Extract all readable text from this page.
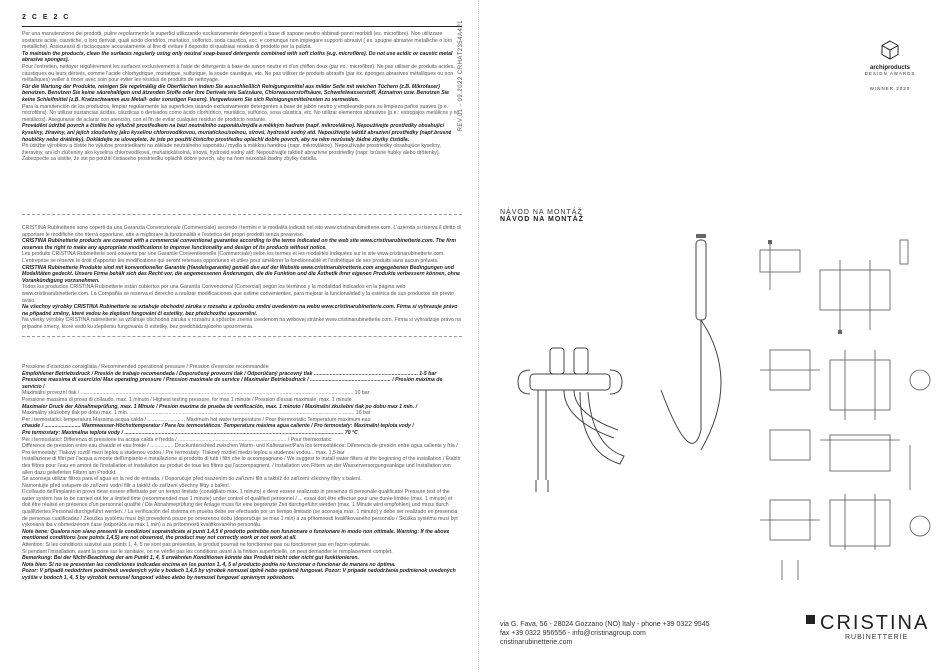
2 C E 2 C
Per una manutenzione dei prodotti, pulire regolarmente le superfici utilizzando esclusivamente detergenti a base di sapone neutro abbinati panni morbidi (es. microfibre). Non utilizzare sostanze acide, caustiche, o loro derivati, quali acido cloridrico, muriatico, solforico, soda caustica, ecc. e comunque non impiegare supporti abrasivi ( es. spugne abrasive metalliche o loro metalliche). Assicurarsi di risciacquare accuratamente al fine di evitare il deposito di qualsiasi residuo di prodotto per la pulizia.
To maintain the products, clean the surfaces regularly using only neutral soap-based detergents combined with soft cloths (e.g. microfibre). Do not use acidic or caustic metal abrasive sponges).
Pour l'entretien, nettoyer régulièrement les surfaces exclusivement à l'aide de détergents à base de savon neutre et d'un chiffon doux (par ex.: microfibre). Ne pas utiliser de produits acides, caustiques ou leurs dérivés, comme l'acide chlorhydrique, muriatique, sulfurique, la soude caustique, etc. Ne pas utiliser de produits abrasifs (par ex. éponges abrasives métalliques ou non métalliques) veiller à rincer avec soin pour éviter les résidus de produits de nettoyage.
Für die Wartung der Produkte, reinigen Sie regelmäßig die Oberflächen indem Sie ausschließlich Reinigungsmittel aus milder Seife mit weichen Tüchern (z.B. Mikrofaser) benutzen. Benutzen Sie keine säurehaltigen und ätzenden Stoffe oder ihre Derivate wie Salzsäure, Chlorwasserstoffsäure, Schwefelwasserstoff, Ätznatron usw. Benutzen Sie keine Schleifmittel (z.B. Kratzschwamm aus Metall- oder sonstigen Fasern). Vergewissern Sie sich Reinigungsmittelresten zu vermeiden.
Para la manutención de los productos, limpiar regularmente las superficies usando exclusivamente detergentes a base de jabón neutro y empleando para su limpieza paños suaves (p.e.: microfibra). No utilizar sustancias ácidas, cáusticas o derivados como ácido clorhídrico, muriático, sulfúrico, sosa cáustica, etc. No utilizar elementos abrasivos (p.e.: estropajos metálicos y no metálicos). Asegurarse de aclarar con atención, con el fin de evitar cualquier residuo de producto restante.
Provádění údržbě povrch a čistěte ho výlučně prostředkem na bází neutrálního saponátu/mýdla a měkkým hadrem (např. mikrovlákno). Nepoužívejte prostředky obsahující kyseliny, žíraviny, ani jejich sloučeniny jako kyselinu chlorovodíkovou, muriatickou/solnou, sírovú, hydroxid sodný atd. Nepoužívejte taktéž abrazivní prostředky (např.brusné houbičky nebo drátěnky). Dokládejte se uloveplete, že jste po použití čisticího prostředku opláchli dobře povrch, aby na něm nezůstaly žádné zbytky čistidla.
Pri údržbe výrobkov a čistite ho výlučne prostriedkami na základe neutrálneho saponátu / mydla a mäkkou handrou (napr. mikrovlákno). Nepoužívajte prostriedky obsahujúce kyseliny, žieraviny, ani ich zlúčeniny ako kyselina chlorovodíková, muriatická/solná, sírová, hydroxid sodný atď. Nepoužívajte taktiež abrazívne prostriedky (napr. brúsne hubky alebo drôtenky). Zabezpečte sa uistite, že ste po použití čistiaceho prostriedku opláchli dobre povrch, aby na ňom nezostali žiadny zbytky čistidla.
CRISTINA Rubinetterie sono coperti da una Garanzia Convenzionale (Commerciale) secondo i termini e le modalità indicati nel sito www.cristinarubinetterie.com. L'azienda si riserva il diritto di apportare le modifiche che riterrà opportune, atte a migliorare la funzionalità e l'estetica dei propri prodotti senza preavviso.
CRISTINA Rubinetterie products are covered with a commercial conventional guarantee according to the terms indicated on the web site www.cristinarubinetterie.com. The firm reserves the right to make any appropriate modifications to improve functionality and design of its products without notice.
Les produits CRISTINA Rubinetterie sont couverts par une Garantie Conventionnelle (Commerciale) selon les termes et les modalités indiquées sur le site www.cristinarubinetterie.com. L'entreprise se réserve le droit d'apporter les modifications qui seront retenues opportunes et utiles pour améliorer la fonctionnalité et l'esthétique de ses produits sans aucun préavis.
CRISTINA Rubinetterie Produkte sind mit konventioneller Garantie (Handelsgarantie) gemäß den auf der Website www.cristinarubinetterie.com angegebenen Bedingungen und Modalitäten gedeckt. Unsere Firma behält sich das Recht vor, die angemessenen Änderungen, die die Funktion und die Ästhetik ihrer eigenen Produkte verbessern können, ohne Vorankündigung vorzunehmen.
Todos los productos CRISTINA Rubinetterie están cubiertos por una Garantía Convencional (Comercial) según los términos y la modalidad indicados en la página web www.cristinarubinetterie.com. La Compañía se reserva el derecho a realizar modificaciones que estime convenientes, para mejorar la funcionalidad y la estética de sus productos sin previo aviso.
Na všechny výrobky CRISTINA Rubinetterie se vztahuje obchodní záruka v rozsahu a způsobu změní uvedeném na webu www.cristinarubinetterie.com. Firma si vyhrazuje právo na případné změny, které vedou ke zlepšení fungování či estetiky, bez předchozího upozornění.
Na všetky výrobky CRISTINA rubinetterie sa vzťahuje obchodná záruka v rozsahu a spôsobe znenia uvedenom na webovej stránke www.cristinarubinetterie.com. Firma si vyhradzuje právo na prípadné zmeny, ktoré vedú ku zlepšeniu fungovania či estetiky, bez predchádzajúceho upozornenia.
Pressione d'esercizio consigliata / Recommended operational pressure / Pression d'exercice recommandée
Empfohlener Betriebsdruck / Presión de trabajo recomendada / Doporučený provozní tlak / Odporúčaný pracovný tlak ........................................................................ 1-5 bar
Pressione massima di esercizio/ Max operating pressure / Pression maximale de service / Maximaler Betriebsdruck / ........................................................ / Presión máxima de servicio /
Maximální provozní tlak / ............................................................................................................................................................................................. 10 bar
Pressione massima di prova di collaudo, max. 1 minuto / Highest testing pressure, for max 1 minute / Pression d'essai maximale, max. 1 minute
Maximaler Druck der Abnahmeprüfung, max. 1 Minute / Presión maxima de prueba de verificación, max. 1 minuto / Maximální zkušební tlak po dobu max 1 min. /
Maximálny skúšobný tlak po dobu max. 1 min. ............................................................................................................................................................ 16 bar
Per i termostatici: temperatura Massima acqua calda / .......................... Maximum hot water temperature / Pour thermostatic Temperature maximum eau
chaude / ......................... Warmwasser-Höchsttemperatur / Para los termostáticos: Temperatura máxima agua caliente / Pro termostaty: Maximální teplota vody /
Pre termostaty: Maximálna teplota vody / ........................................................................................................................................................ 70 °C
Per i termostatici: Differenza di pressione tra acqua calda e fredda / ........................................................................... / Pour thermostatic:
Différence de pression entre eau chaude et eau froide / ................ Druckunterschied zwischen Warm- und Kaltwasser/Para los termostáticos: Diferencia de presión entre agua caliente y fría / Pro termostaty: Tlakový rozdíl mezi teplou a studenou vodou / Pre termostaty: Tlakový rozdiel medzi teplou a studenou vodou... max. 1,5 bar
Installazione di filtri per l'acqua a monte dell'impianto e installazione al prodotto di tutti i filtri che lo accompagnano / We suggest to install water filters at the beginning of the installation / Établir des filtres pour l'eau en amont de l'installation et installation au produit de tous les filtres qui l'accompagnent. / Installation von Filtern an der Wasserversorgungsanlage und Installation von allen dazu gelieferten Filtern am Produkt.
Se aconseja utilizar filtros para el agua en la red de entrada. / Doporučuje před osazením do zařízení filtr a taktéž do zařízení všechny filtry s balení.
Namontujte před vstupem do zařízení vodní filtr a taktéž do zařízení všechny filtry s balení.
Il collaudo dell'impianto in prova deve essere effettuato per un tempo limitato (consigliato max. 1 minuto) e deve essere realizzato in presenza di personale qualificato/ Pressure test of the water system has to be carried out for a limited time (recommended max 1 minute) under control of qualified personnel / ... essai doit être effectué pour une durée limitée (max. 1 minute) et doit être réalisé en présence d'un personnel qualifié / Die Abnahmeprüfung der Anlage muss für eine begrenzte Zeit durchgeführt werden (max. 1 Minute wird empfohlen) und muss durch qualifiziertes Personal durchgeführt werden. / La verificación del sistema en prueba debe ser efectuado por un tiempo limitado (se aconseja max. 1 minuto) y debe ser realizado en presencia de personas cualificadas / Zkouška systému musí být provedená pouze po omezenou dobu (doporučuje se max 1 min) a za přítomnosti kvalifikovaného personálu / Skúška systému musí byť vykonaná iba v obmedzenom čase (odporúča sa max 1 min) a za prítomnosti kvalifikovaného personálu.
Note bene: Qualora non siano presenti le condizioni sopraindicate ai punti 1,4,5 il prodotto potrebbe non funzionare o funzionare in modo non ottimale. Warning: If the above mentioned conditions (see points 1,4,5) are not observed, the product may not correctly work or not work at all.
Attention: Si les conditions susvisé aux points 1, 4, 5 ne sont pas présentes, le produit pourrait ne fonctionner pas ou fonctionner pas en façon optimale.
Si pendant l'installation, avant la pose sur le sanitaire, on ne vérifie pas les conditions avant à la finition superficielle, on peut demander le remplacement complet.
Bemerkung: Bei der Nicht-Beachtung der am Punkt 1, 4, 5 erwähnten Konditionen könnte das Produkt nicht oder nicht gut funktionieren.
Nota bien: Si no se presentan las condiciones indicadas encima en los puntos 1, 4, 5 el producto podría no funcionar o funcionar de manera no óptima.
Pozor: V případě nedodržení podmínek uvedených výše v bodech 1,4,5 by výrobek nemusel úplně nebo správně fungovat. Pozor: V prípade nedodržania podmienok uvedených vyššie v bodoch 1, 4, 5 by výrobok nemusel fungovať vôbec alebo by nemusel fungovať správnym spôsobom.
REV.01 - 09.2022 CRHAT2354A421	archiproducts
DESIGN AWARDS
WINNER 2020
NÁVOD NA MONTÁŽ
NÁVOD NA MONTÁŽ
via G. Fava, 56 - 28024 Gozzano (NO) Italy - phone +39 0322 9545
fax +39 0322 956556 - info@cristinagroup.com
cristinarubinetterie.com
CRISTINA
RUBINETTERIE
